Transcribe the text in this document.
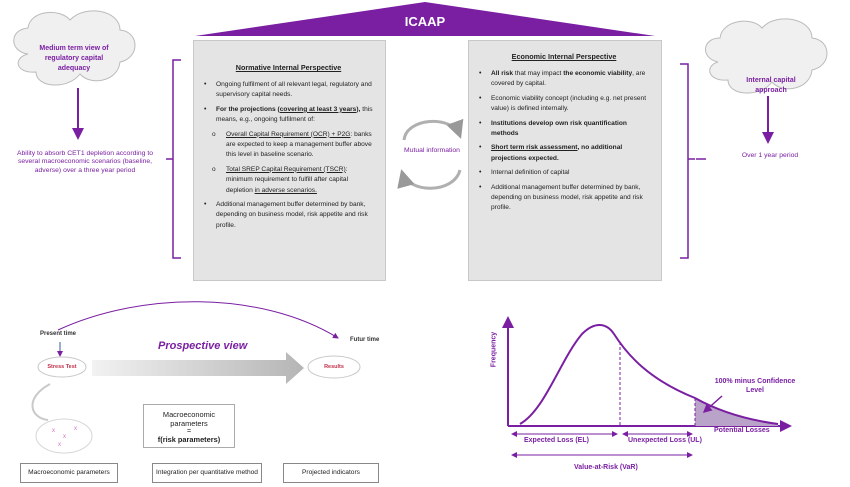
x
x
x
x
ICAAP
Medium term view of regulatory capital adequacy
Internal capital approach
Ability to absorb CET1 depletion according to several macroeconomic scenarios (baseline, adverse) over a three year period
Over 1 year period
Mutual information
Normative Internal Perspective
• Ongoing fulfilment of all relevant legal, regulatory and supervisory capital needs.
• For the projections (covering at least 3 years), this means, e.g., ongoing fulfilment of:
o Overall Capital Requirement (OCR) + P2G: banks are expected to keep a management buffer above this level in baseline scenario.
o Total SREP Capital Requirement (TSCR): minimum requirement to fulfill after capital depletion in adverse scenarios.
• Additional management buffer determined by bank, depending on business model, risk appetite and risk profile.
Economic Internal Perspective
• All risk that may impact the economic viability, are covered by capital.
• Economic viability concept (including e.g. net present value) is defined internally.
• Institutions develop own risk quantification methods
• Short term risk assessment, no additional projections expected.
• Internal definition of capital
• Additional management buffer determined by bank, depending on business model, risk appetite and risk profile.
Present time
Futur time
Prospective view
Stress Test	Results
Macroeconomic parameters
=
f(risk parameters)
Macroeconomic parameters	Integration per quantitative method	Projected indicators
Frequency
Potential Losses
Expected Loss (EL)	Unexpected Loss (UL)
Value-at-Risk (VaR)
100% minus Confidence Level
